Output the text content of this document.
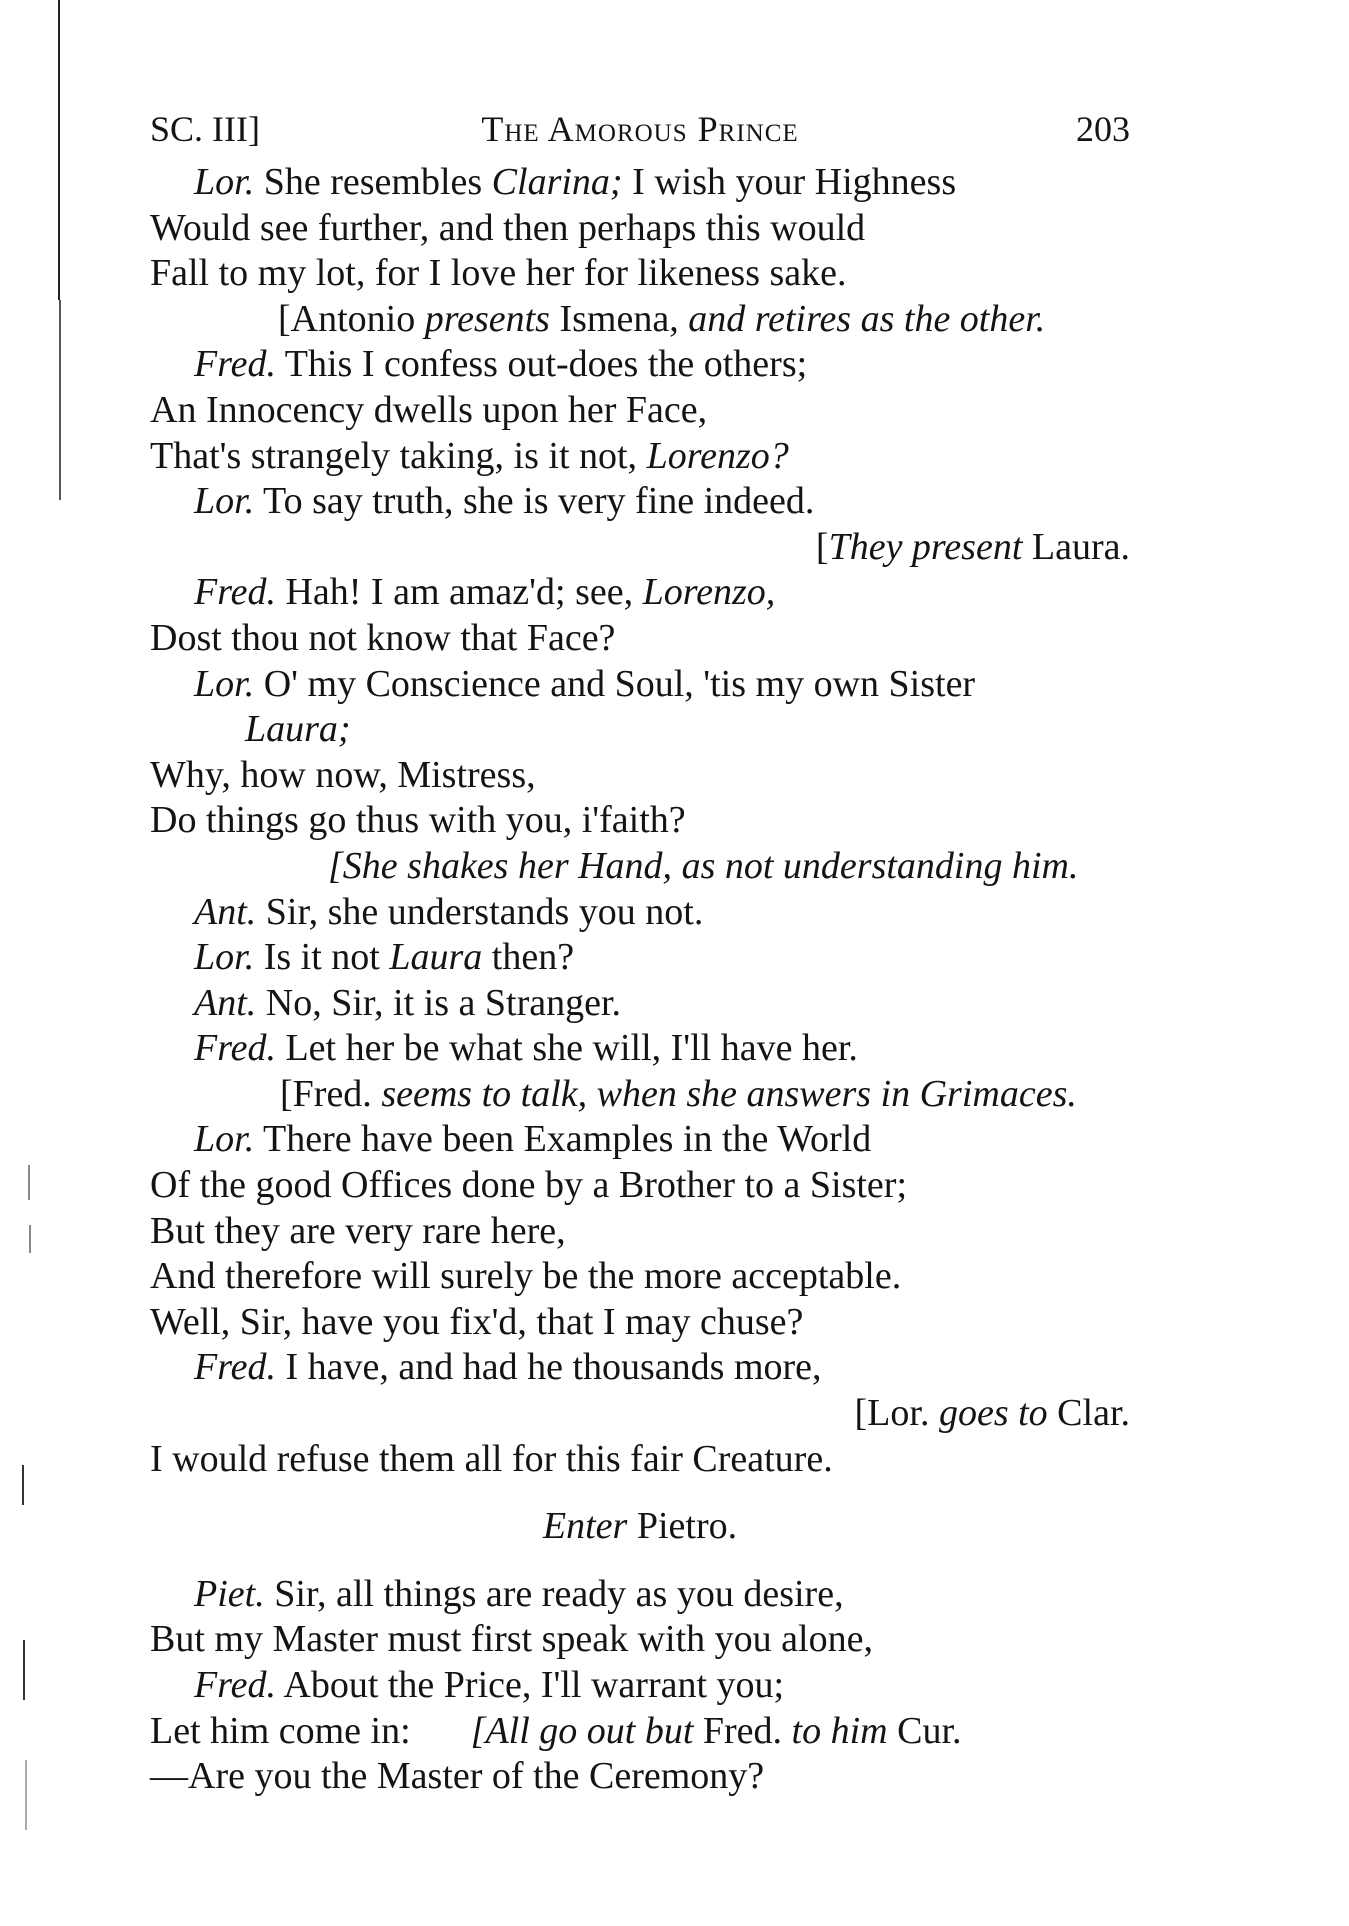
SC. III]	The Amorous Prince	203
Lor. She resembles Clarina; I wish your Highness
Would see further, and then perhaps this would
Fall to my lot, for I love her for likeness sake.
[Antonio presents Ismena, and retires as the other.
Fred. This I confess out-does the others;
An Innocency dwells upon her Face,
That's strangely taking, is it not, Lorenzo?
Lor. To say truth, she is very fine indeed.
[They present Laura.
Fred. Hah! I am amaz'd; see, Lorenzo,
Dost thou not know that Face?
Lor. O' my Conscience and Soul, 'tis my own Sister
Laura;
Why, how now, Mistress,
Do things go thus with you, i'faith?
[She shakes her Hand, as not understanding him.
Ant. Sir, she understands you not.
Lor. Is it not Laura then?
Ant. No, Sir, it is a Stranger.
Fred. Let her be what she will, I'll have her.
[Fred. seems to talk, when she answers in Grimaces.
Lor. There have been Examples in the World
Of the good Offices done by a Brother to a Sister;
But they are very rare here,
And therefore will surely be the more acceptable.
Well, Sir, have you fix'd, that I may chuse?
Fred. I have, and had he thousands more,
[Lor. goes to Clar.
I would refuse them all for this fair Creature.
Enter Pietro.
Piet. Sir, all things are ready as you desire,
But my Master must first speak with you alone,
Fred. About the Price, I'll warrant you;
Let him come in: [All go out but Fred. to him Cur.
—Are you the Master of the Ceremony?
